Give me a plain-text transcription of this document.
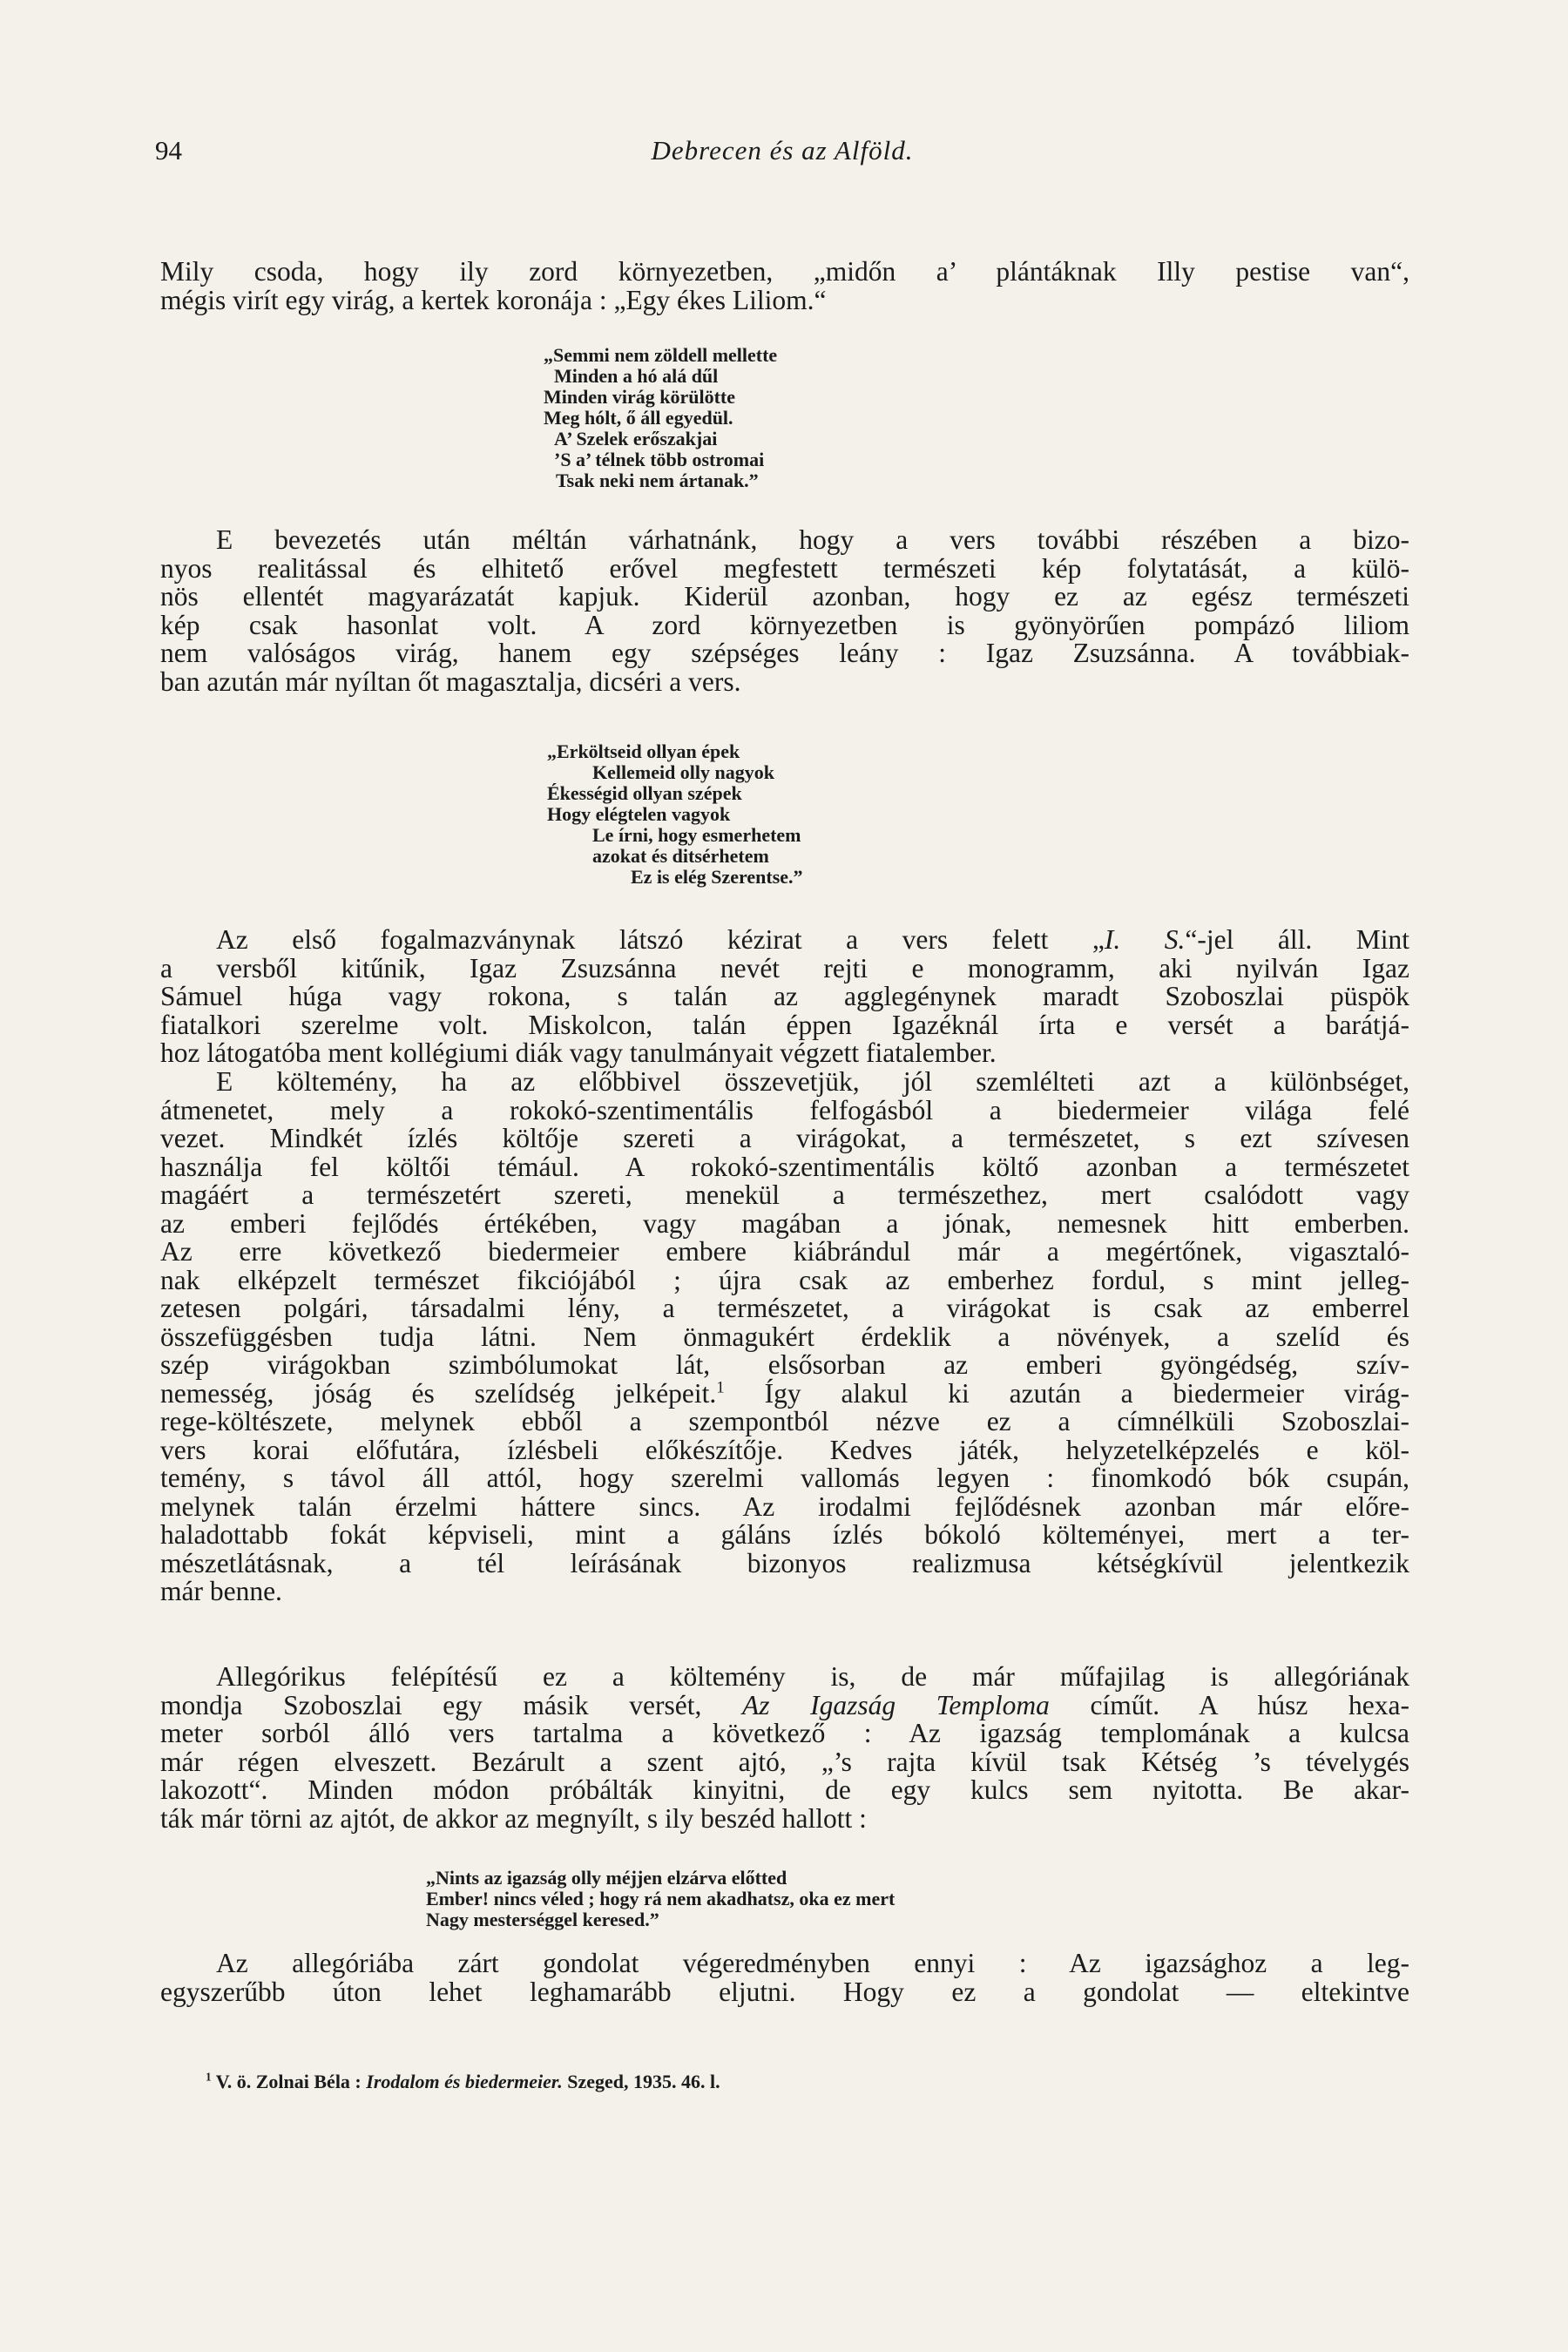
94	Debrecen és az Alföld.

Mily csoda, hogy ily zord környezetben, „midőn a’ plántáknak Illy pestise van“,
mégis virít egy virág, a kertek koronája : „Egy ékes Liliom.“

„Semmi nem zöldell mellette
Minden a hó alá dűl
Minden virág körülötte
Meg hólt, ő áll egyedül.
A’ Szelek erőszakjai
’S a’ télnek több ostromai
Tsak neki nem ártanak.”

E bevezetés után méltán várhatnánk, hogy a vers további részében a bizo-
nyos realitással és elhitető erővel megfestett természeti kép folytatását, a külö-
nös ellentét magyarázatát kapjuk. Kiderül azonban, hogy ez az egész természeti
kép csak hasonlat volt. A zord környezetben is gyönyörűen pompázó liliom
nem valóságos virág, hanem egy szépséges leány : Igaz Zsuzsánna. A továbbiak-
ban azután már nyíltan őt magasztalja, dicséri a vers.

„Erköltseid ollyan épek
Kellemeid olly nagyok
Ékességid ollyan szépek
Hogy elégtelen vagyok
Le írni, hogy esmerhetem
azokat és ditsérhetem
Ez is elég Szerentse.”

Az első fogalmazványnak látszó kézirat a vers felett „I. S.“-jel áll. Mint
a versből kitűnik, Igaz Zsuzsánna nevét rejti e monogramm, aki nyilván Igaz
Sámuel húga vagy rokona, s talán az agglegénynek maradt Szoboszlai püspök
fiatalkori szerelme volt. Miskolcon, talán éppen Igazéknál írta e versét a barátjá-
hoz látogatóba ment kollégiumi diák vagy tanulmányait végzett fiatalember.

E költemény, ha az előbbivel összevetjük, jól szemlélteti azt a különbséget,
átmenetet, mely a rokokó-szentimentális felfogásból a biedermeier világa felé
vezet. Mindkét ízlés költője szereti a virágokat, a természetet, s ezt szívesen
használja fel költői témául. A rokokó-szentimentális költő azonban a természetet
magáért a természetért szereti, menekül a természethez, mert csalódott vagy
az emberi fejlődés értékében, vagy magában a jónak, nemesnek hitt emberben.
Az erre következő biedermeier embere kiábrándul már a megértőnek, vigasztaló-
nak elképzelt természet fikciójából ; újra csak az emberhez fordul, s mint jelleg-
zetesen polgári, társadalmi lény, a természetet, a virágokat is csak az emberrel
összefüggésben tudja látni. Nem önmagukért érdeklik a növények, a szelíd és
szép virágokban szimbólumokat lát, elsősorban az emberi gyöngédség, szív-
nemesség, jóság és szelídség jelképeit.$^1$ Így alakul ki azután a biedermeier virág-
rege-költészete, melynek ebből a szempontból nézve ez a címnélküli Szoboszlai-
vers korai előfutára, ízlésbeli előkészítője. Kedves játék, helyzetelképzelés e köl-
temény, s távol áll attól, hogy szerelmi vallomás legyen : finomkodó bók csupán,
melynek talán érzelmi háttere sincs. Az irodalmi fejlődésnek azonban már előre-
haladottabb fokát képviseli, mint a gáláns ízlés bókoló költeményei, mert a ter-
mészetlátásnak, a tél leírásának bizonyos realizmusa kétségkívül jelentkezik
már benne.

Allegórikus felépítésű ez a költemény is, de már műfajilag is allegóriának
mondja Szoboszlai egy másik versét, Az Igazság Temploma címűt. A húsz hexa-
meter sorból álló vers tartalma a következő : Az igazság templomának a kulcsa
már régen elveszett. Bezárult a szent ajtó, „’s rajta kívül tsak Kétség ’s tévelygés
lakozott“. Minden módon próbálták kinyitni, de egy kulcs sem nyitotta. Be akar-
ták már törni az ajtót, de akkor az megnyílt, s ily beszéd hallott :

„Nints az igazság olly méjjen elzárva előtted
Ember! nincs véled ; hogy rá nem akadhatsz, oka ez mert
Nagy mesterséggel keresed.”

Az allegóriába zárt gondolat végeredményben ennyi : Az igazsághoz a leg-
egyszerűbb úton lehet leghamarább eljutni. Hogy ez a gondolat — eltekintve

$^1$ V. ö. Zolnai Béla : Irodalom és biedermeier. Szeged, 1935. 46. l.
